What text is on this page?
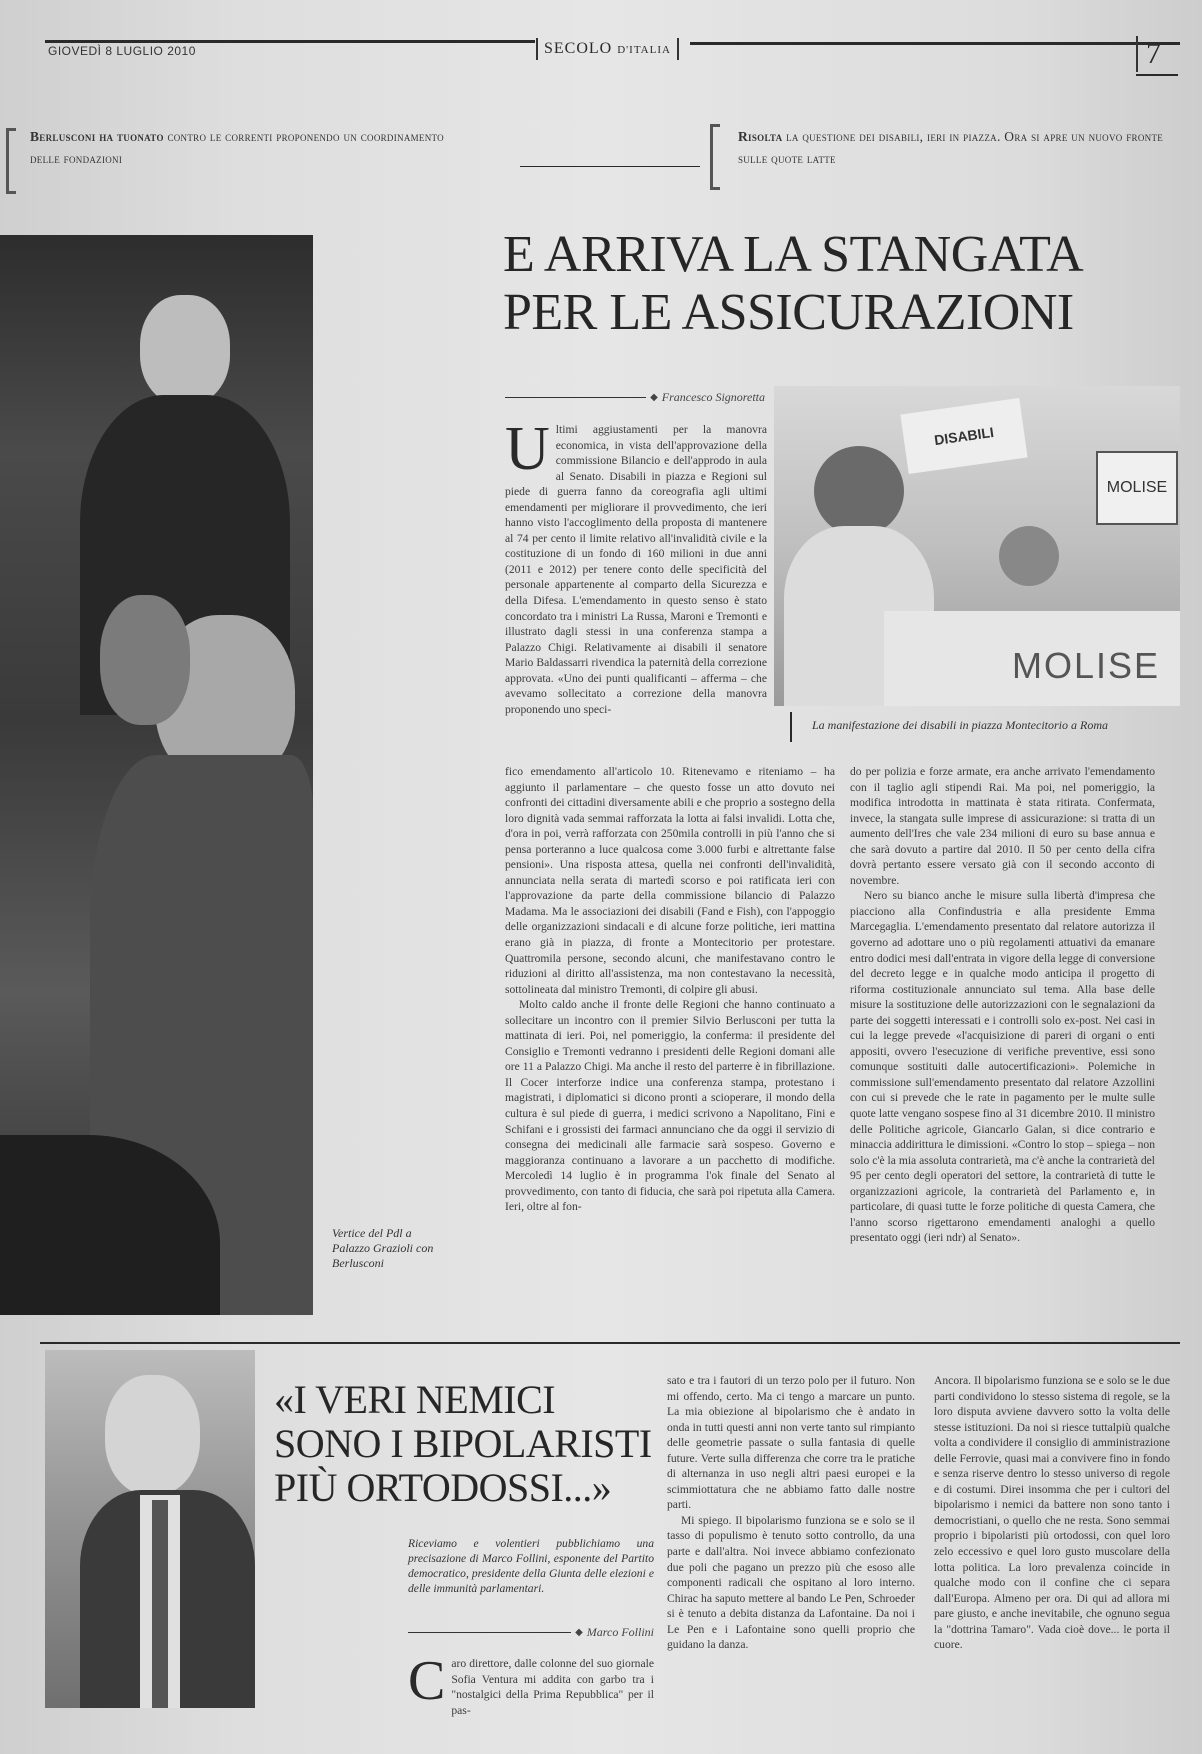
GIOVEDÌ 8 LUGLIO 2010	SECOLO D'ITALIA	7
Berlusconi ha tuonato contro le correnti proponendo un coordinamento delle fondazioni
Risolta la questione dei disabili, ieri in piazza. Ora si apre un nuovo fronte sulle quote latte
Vertice del Pdl a Palazzo Grazioli con Berlusconi
E ARRIVA LA STANGATA
PER LE ASSICURAZIONI
◆ Francesco Signoretta
DISABILI
MOLISE
MOLISE
La manifestazione dei disabili in piazza Montecitorio a Roma

Ultimi aggiustamenti per la manovra economica, in vista dell'approvazione della commissione Bilancio e dell'approdo in aula al Senato. Disabili in piazza e Regioni sul piede di guerra fanno da coreografia agli ultimi emendamenti per migliorare il provvedimento, che ieri hanno visto l'accoglimento della proposta di mantenere al 74 per cento il limite relativo all'invalidità civile e la costituzione di un fondo di 160 milioni in due anni (2011 e 2012) per tenere conto delle specificità del personale appartenente al comparto della Sicurezza e della Difesa. L'emendamento in questo senso è stato concordato tra i ministri La Russa, Maroni e Tremonti e illustrato dagli stessi in una conferenza stampa a Palazzo Chigi. Relativamente ai disabili il senatore Mario Baldassarri rivendica la paternità della correzione approvata. «Uno dei punti qualificanti – afferma – che avevamo sollecitato a correzione della manovra proponendo uno speci-

fico emendamento all'articolo 10. Ritenevamo e riteniamo – ha aggiunto il parlamentare – che questo fosse un atto dovuto nei confronti dei cittadini diversamente abili e che proprio a sostegno della loro dignità vada semmai rafforzata la lotta ai falsi invalidi. Lotta che, d'ora in poi, verrà rafforzata con 250mila controlli in più l'anno che si pensa porteranno a luce qualcosa come 3.000 furbi e altrettante false pensioni». Una risposta attesa, quella nei confronti dell'invalidità, annunciata nella serata di martedì scorso e poi ratificata ieri con l'approvazione da parte della commissione bilancio di Palazzo Madama. Ma le associazioni dei disabili (Fand e Fish), con l'appoggio delle organizzazioni sindacali e di alcune forze politiche, ieri mattina erano già in piazza, di fronte a Montecitorio per protestare. Quattromila persone, secondo alcuni, che manifestavano contro le riduzioni al diritto all'assistenza, ma non contestavano la necessità, sottolineata dal ministro Tremonti, di colpire gli abusi.

Molto caldo anche il fronte delle Regioni che hanno continuato a sollecitare un incontro con il premier Silvio Berlusconi per tutta la mattinata di ieri. Poi, nel pomeriggio, la conferma: il presidente del Consiglio e Tremonti vedranno i presidenti delle Regioni domani alle ore 11 a Palazzo Chigi. Ma anche il resto del parterre è in fibrillazione. Il Cocer interforze indice una conferenza stampa, protestano i magistrati, i diplomatici si dicono pronti a scioperare, il mondo della cultura è sul piede di guerra, i medici scrivono a Napolitano, Fini e Schifani e i grossisti dei farmaci annunciano che da oggi il servizio di consegna dei medicinali alle farmacie sarà sospeso. Governo e maggioranza continuano a lavorare a un pacchetto di modifiche. Mercoledì 14 luglio è in programma l'ok finale del Senato al provvedimento, con tanto di fiducia, che sarà poi ripetuta alla Camera. Ieri, oltre al fon-

do per polizia e forze armate, era anche arrivato l'emendamento con il taglio agli stipendi Rai. Ma poi, nel pomeriggio, la modifica introdotta in mattinata è stata ritirata. Confermata, invece, la stangata sulle imprese di assicurazione: si tratta di un aumento dell'Ires che vale 234 milioni di euro su base annua e che sarà dovuto a partire dal 2010. Il 50 per cento della cifra dovrà pertanto essere versato già con il secondo acconto di novembre.

Nero su bianco anche le misure sulla libertà d'impresa che piacciono alla Confindustria e alla presidente Emma Marcegaglia. L'emendamento presentato dal relatore autorizza il governo ad adottare uno o più regolamenti attuativi da emanare entro dodici mesi dall'entrata in vigore della legge di conversione del decreto legge e in qualche modo anticipa il progetto di riforma costituzionale annunciato sul tema. Alla base delle misure la sostituzione delle autorizzazioni con le segnalazioni da parte dei soggetti interessati e i controlli solo ex-post. Nei casi in cui la legge prevede «l'acquisizione di pareri di organi o enti appositi, ovvero l'esecuzione di verifiche preventive, essi sono comunque sostituiti dalle autocertificazioni». Polemiche in commissione sull'emendamento presentato dal relatore Azzollini con cui si prevede che le rate in pagamento per le multe sulle quote latte vengano sospese fino al 31 dicembre 2010. Il ministro delle Politiche agricole, Giancarlo Galan, si dice contrario e minaccia addirittura le dimissioni. «Contro lo stop – spiega – non solo c'è la mia assoluta contrarietà, ma c'è anche la contrarietà del 95 per cento degli operatori del settore, la contrarietà di tutte le organizzazioni agricole, la contrarietà del Parlamento e, in particolare, di quasi tutte le forze politiche di questa Camera, che l'anno scorso rigettarono emendamenti analoghi a quello presentato oggi (ieri ndr) al Senato».

«I VERI NEMICI
SONO I BIPOLARISTI
PIÙ ORTODOSSI...»
Riceviamo e volentieri pubblichiamo una precisazione di Marco Follini, esponente del Partito democratico, presidente della Giunta delle elezioni e delle immunità parlamentari.
◆ Marco Follini

Caro direttore, dalle colonne del suo giornale Sofia Ventura mi addita con garbo tra i "nostalgici della Prima Repubblica" per il pas-

sato e tra i fautori di un terzo polo per il futuro. Non mi offendo, certo. Ma ci tengo a marcare un punto. La mia obiezione al bipolarismo che è andato in onda in tutti questi anni non verte tanto sul rimpianto delle geometrie passate o sulla fantasia di quelle future. Verte sulla differenza che corre tra le pratiche di alternanza in uso negli altri paesi europei e la scimmiottatura che ne abbiamo fatto dalle nostre parti.

Mi spiego. Il bipolarismo funziona se e solo se il tasso di populismo è tenuto sotto controllo, da una parte e dall'altra. Noi invece abbiamo confezionato due poli che pagano un prezzo più che esoso alle componenti radicali che ospitano al loro interno. Chirac ha saputo mettere al bando Le Pen, Schroeder si è tenuto a debita distanza da Lafontaine. Da noi i Le Pen e i Lafontaine sono quelli proprio che guidano la danza.

Ancora. Il bipolarismo funziona se e solo se le due parti condividono lo stesso sistema di regole, se la loro disputa avviene davvero sotto la volta delle stesse istituzioni. Da noi si riesce tuttalpiù qualche volta a condividere il consiglio di amministrazione delle Ferrovie, quasi mai a convivere fino in fondo e senza riserve dentro lo stesso universo di regole e di costumi. Direi insomma che per i cultori del bipolarismo i nemici da battere non sono tanto i democristiani, o quello che ne resta. Sono semmai proprio i bipolaristi più ortodossi, con quel loro zelo eccessivo e quel loro gusto muscolare della lotta politica. La loro prevalenza coincide in qualche modo con il confine che ci separa dall'Europa. Almeno per ora. Di qui ad allora mi pare giusto, e anche inevitabile, che ognuno segua la "dottrina Tamaro". Vada cioè dove... le porta il cuore.
